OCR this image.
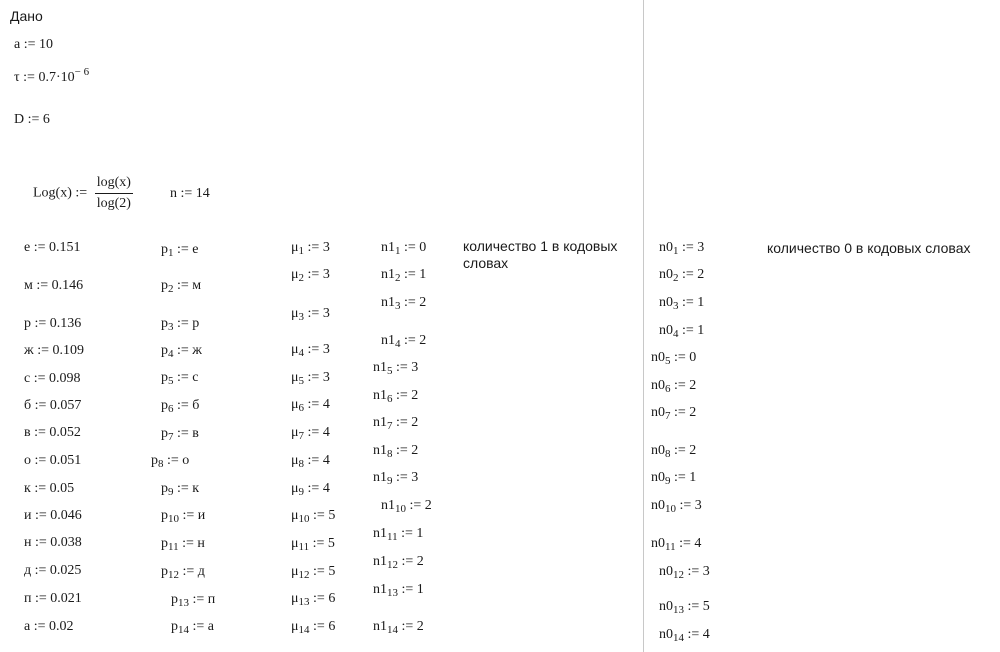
Дано
a := 10
τ := $0.7\cdot 10^{- 6}$
D := 6
Log(x) := $\frac{\log(x)}{\log(2)}$	n := 14
е := 0.151
м := 0.146
р := 0.136
ж := 0.109
с := 0.098
б := 0.057
в := 0.052
о := 0.051
к := 0.05
и := 0.046
н := 0.038
д := 0.025
п := 0.021
а := 0.02
$p_1$ := е
$p_2$ := м
$p_3$ := р
$p_4$ := ж
$p_5$ := с
$p_6$ := б
$p_7$ := в
$p_8$ := о
$p_9$ := к
$p_{10}$ := и
$p_{11}$ := н
$p_{12}$ := д
$p_{13}$ := п
$p_{14}$ := а
$\mu_1$ := 3
$\mu_2$ := 3
$\mu_3$ := 3
$\mu_4$ := 3
$\mu_5$ := 3
$\mu_6$ := 4
$\mu_7$ := 4
$\mu_8$ := 4
$\mu_9$ := 4
$\mu_{10}$ := 5
$\mu_{11}$ := 5
$\mu_{12}$ := 5
$\mu_{13}$ := 6
$\mu_{14}$ := 6
$n1_1$ := 0
$n1_2$ := 1
$n1_3$ := 2
$n1_4$ := 2
$n1_5$ := 3
$n1_6$ := 2
$n1_7$ := 2
$n1_8$ := 2
$n1_9$ := 3
$n1_{10}$ := 2
$n1_{11}$ := 1
$n1_{12}$ := 2
$n1_{13}$ := 1
$n1_{14}$ := 2
$n0_1$ := 3
$n0_2$ := 2
$n0_3$ := 1
$n0_4$ := 1
$n0_5$ := 0
$n0_6$ := 2
$n0_7$ := 2
$n0_8$ := 2
$n0_9$ := 1
$n0_{10}$ := 3
$n0_{11}$ := 4
$n0_{12}$ := 3
$n0_{13}$ := 5
$n0_{14}$ := 4
количество 1 в кодовых словах
количество 0 в кодовых словах
